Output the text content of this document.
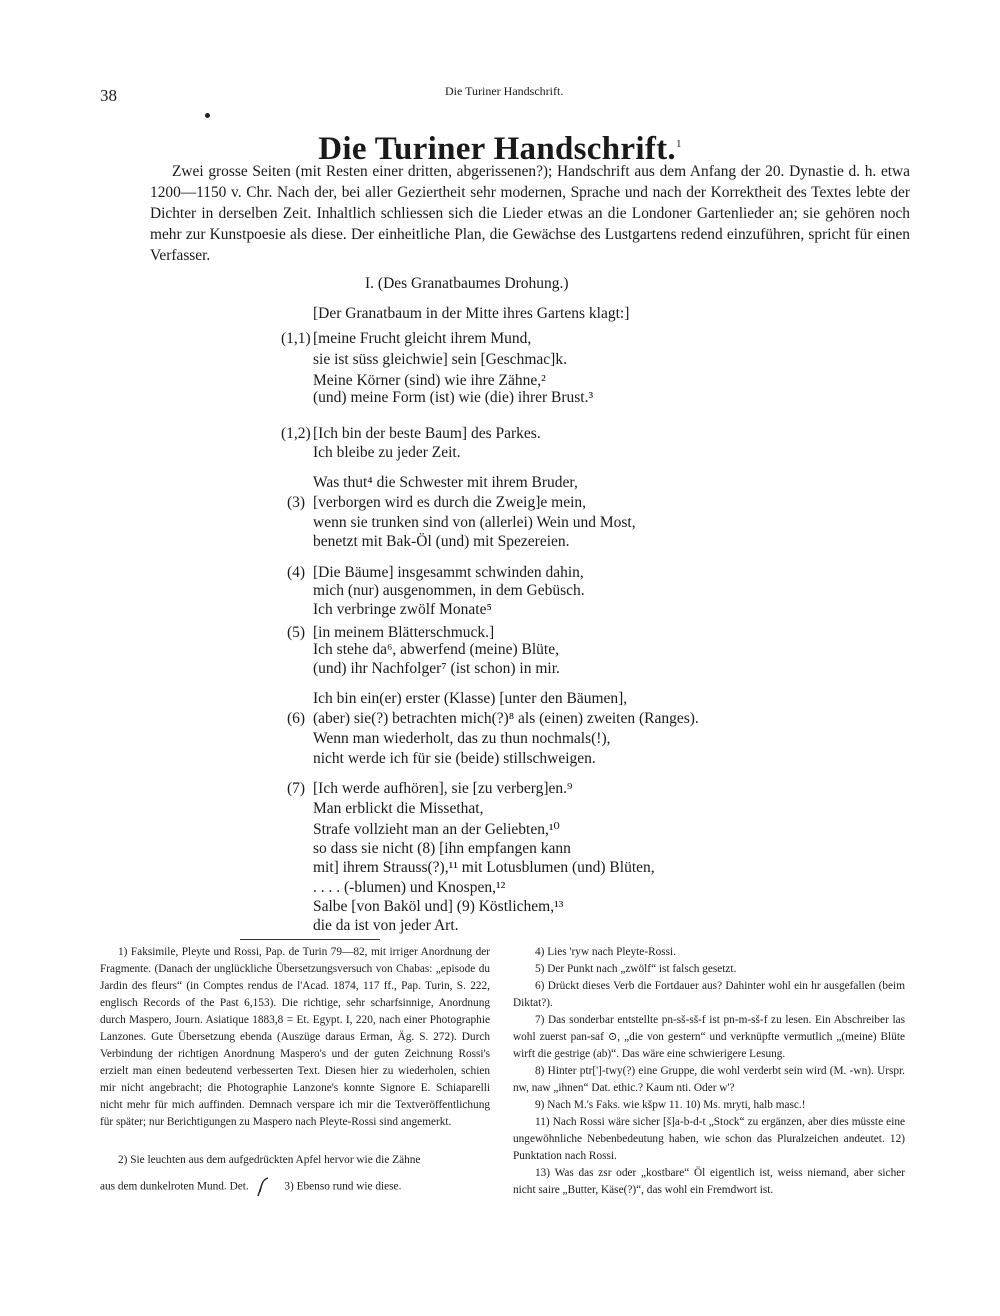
38	Die Turiner Handschrift.
Die Turiner Handschrift.$^1$

Zwei grosse Seiten (mit Resten einer dritten, abgerissenen?); Handschrift aus dem Anfang der 20. Dynastie d. h. etwa 1200—1150 v. Chr. Nach der, bei aller Geziertheit sehr modernen, Sprache und nach der Korrektheit des Textes lebte der Dichter in derselben Zeit. Inhaltlich schliessen sich die Lieder etwas an die Londoner Gartenlieder an; sie gehören noch mehr zur Kunstpoesie als diese. Der einheitliche Plan, die Gewächse des Lustgartens redend einzuführen, spricht für einen Verfasser.

I. (Des Granatbaumes Drohung.)
(1,1)
(1,2)
(3)
(4)
(5)
(6)
(7)
[Der Granatbaum in der Mitte ihres Gartens klagt:]
[meine Frucht gleicht ihrem Mund,
sie ist süss gleichwie] sein [Geschmac]k.
Meine Körner (sind) wie ihre Zähne,²
(und) meine Form (ist) wie (die) ihrer Brust.³
[Ich bin der beste Baum] des Parkes.
Ich bleibe zu jeder Zeit.
Was thut⁴ die Schwester mit ihrem Bruder,
[verborgen wird es durch die Zweig]e mein,
wenn sie trunken sind von (allerlei) Wein und Most,
benetzt mit Bak-Öl (und) mit Spezereien.
[Die Bäume] insgesammt schwinden dahin,
mich (nur) ausgenommen, in dem Gebüsch.
Ich verbringe zwölf Monate⁵
[in meinem Blätterschmuck.]
Ich stehe da⁶, abwerfend (meine) Blüte,
(und) ihr Nachfolger⁷ (ist schon) in mir.
Ich bin ein(er) erster (Klasse) [unter den Bäumen],
(aber) sie(?) betrachten mich(?)⁸ als (einen) zweiten (Ranges).
Wenn man wiederholt, das zu thun nochmals(!),
nicht werde ich für sie (beide) stillschweigen.
[Ich werde aufhören], sie [zu verberg]en.⁹
Man erblickt die Missethat,
Strafe vollzieht man an der Geliebten,¹⁰
so dass sie nicht (8) [ihn empfangen kann
mit] ihrem Strauss(?),¹¹ mit Lotusblumen (und) Blüten,
. . . . (-blumen) und Knospen,¹²
Salbe [von Baköl und] (9) Köstlichem,¹³
die da ist von jeder Art.

1) Faksimile, Pleyte und Rossi, Pap. de Turin 79—82, mit irriger Anordnung der Fragmente. (Danach der unglückliche Übersetzungsversuch von Chabas: „episode du Jardin des fleurs“ (in Comptes rendus de l'Acad. 1874, 117 ff., Pap. Turin, S. 222, englisch Records of the Past 6,153). Die richtige, sehr scharfsinnige, Anordnung durch Maspero, Journ. Asiatique 1883,8 = Et. Egypt. I, 220, nach einer Photographie Lanzones. Gute Übersetzung ebenda (Auszüge daraus Erman, Äg. S. 272). Durch Verbindung der richtigen Anordnung Maspero's und der guten Zeichnung Rossi's erzielt man einen bedeutend verbesserten Text. Diesen hier zu wiederholen, schien mir nicht angebracht; die Photographie Lanzone's konnte Signore E. Schiaparelli nicht mehr für mich auffinden. Demnach verspare ich mir die Textveröffentlichung für später; nur Berichtigungen zu Maspero nach Pleyte-Rossi sind angemerkt.

2) Sie leuchten aus dem aufgedrückten Apfel hervor wie die Zähne

aus dem dunkelroten Mund. Det.	3) Ebenso rund wie diese.

4) Lies 'ryw nach Pleyte-Rossi.

5) Der Punkt nach „zwölf“ ist falsch gesetzt.

6) Drückt dieses Verb die Fortdauer aus? Dahinter wohl ein hr ausgefallen (beim Diktat?).

7) Das sonderbar entstellte pn-sš-sš-f ist pn-m-sš-f zu lesen. Ein Abschreiber las wohl zuerst pan-saf ⊙, „die von gestern“ und verknüpfte vermutlich „(meine) Blüte wirft die gestrige (ab)“. Das wäre eine schwierigere Lesung.

8) Hinter ptr[']-twy(?) eine Gruppe, die wohl verderbt sein wird (M. -wn). Urspr. nw, naw „ihnen“ Dat. ethic.? Kaum nti. Oder w'?

9) Nach M.'s Faks. wie kšpw 11. 10) Ms. mryti, halb masc.!

11) Nach Rossi wäre sicher [š]a-b-d-t „Stock“ zu ergänzen, aber dies müsste eine ungewöhnliche Nebenbedeutung haben, wie schon das Pluralzeichen andeutet. 12) Punktation nach Rossi.

13) Was das zsr oder „kostbare“ Öl eigentlich ist, weiss niemand, aber sicher nicht saire „Butter, Käse(?)“, das wohl ein Fremdwort ist.
